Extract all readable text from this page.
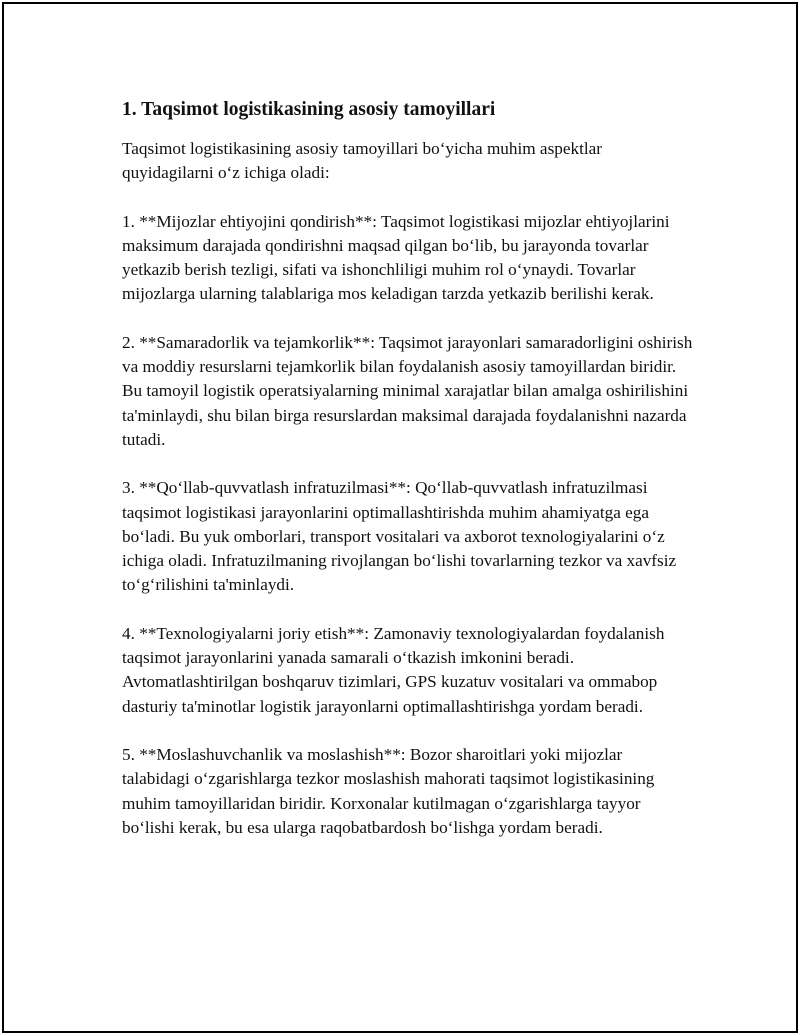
1. Taqsimot logistikasining asosiy tamoyillari

Taqsimot logistikasining asosiy tamoyillari bo‘yicha muhim aspektlar quyidagilarni o‘z ichiga oladi:

1. **Mijozlar ehtiyojini qondirish**: Taqsimot logistikasi mijozlar ehtiyojlarini maksimum darajada qondirishni maqsad qilgan bo‘lib, bu jarayonda tovarlar yetkazib berish tezligi, sifati va ishonchliligi muhim rol o‘ynaydi. Tovarlar mijozlarga ularning talablariga mos keladigan tarzda yetkazib berilishi kerak.

2. **Samaradorlik va tejamkorlik**: Taqsimot jarayonlari samaradorligini oshirish va moddiy resurslarni tejamkorlik bilan foydalanish asosiy tamoyillardan biridir. Bu tamoyil logistik operatsiyalarning minimal xarajatlar bilan amalga oshirilishini ta'minlaydi, shu bilan birga resurslardan maksimal darajada foydalanishni nazarda tutadi.

3. **Qo‘llab-quvvatlash infratuzilmasi**: Qo‘llab-quvvatlash infratuzilmasi taqsimot logistikasi jarayonlarini optimallashtirishda muhim ahamiyatga ega bo‘ladi. Bu yuk omborlari, transport vositalari va axborot texnologiyalarini o‘z ichiga oladi. Infratuzilmaning rivojlangan bo‘lishi tovarlarning tezkor va xavfsiz to‘g‘rilishini ta'minlaydi.

4. **Texnologiyalarni joriy etish**: Zamonaviy texnologiyalardan foydalanish taqsimot jarayonlarini yanada samarali o‘tkazish imkonini beradi. Avtomatlashtirilgan boshqaruv tizimlari, GPS kuzatuv vositalari va ommabop dasturiy ta'minotlar logistik jarayonlarni optimallashtirishga yordam beradi.

5. **Moslashuvchanlik va moslashish**: Bozor sharoitlari yoki mijozlar talabidagi o‘zgarishlarga tezkor moslashish mahorati taqsimot logistikasining muhim tamoyillaridan biridir. Korxonalar kutilmagan o‘zgarishlarga tayyor bo‘lishi kerak, bu esa ularga raqobatbardosh bo‘lishga yordam beradi.
